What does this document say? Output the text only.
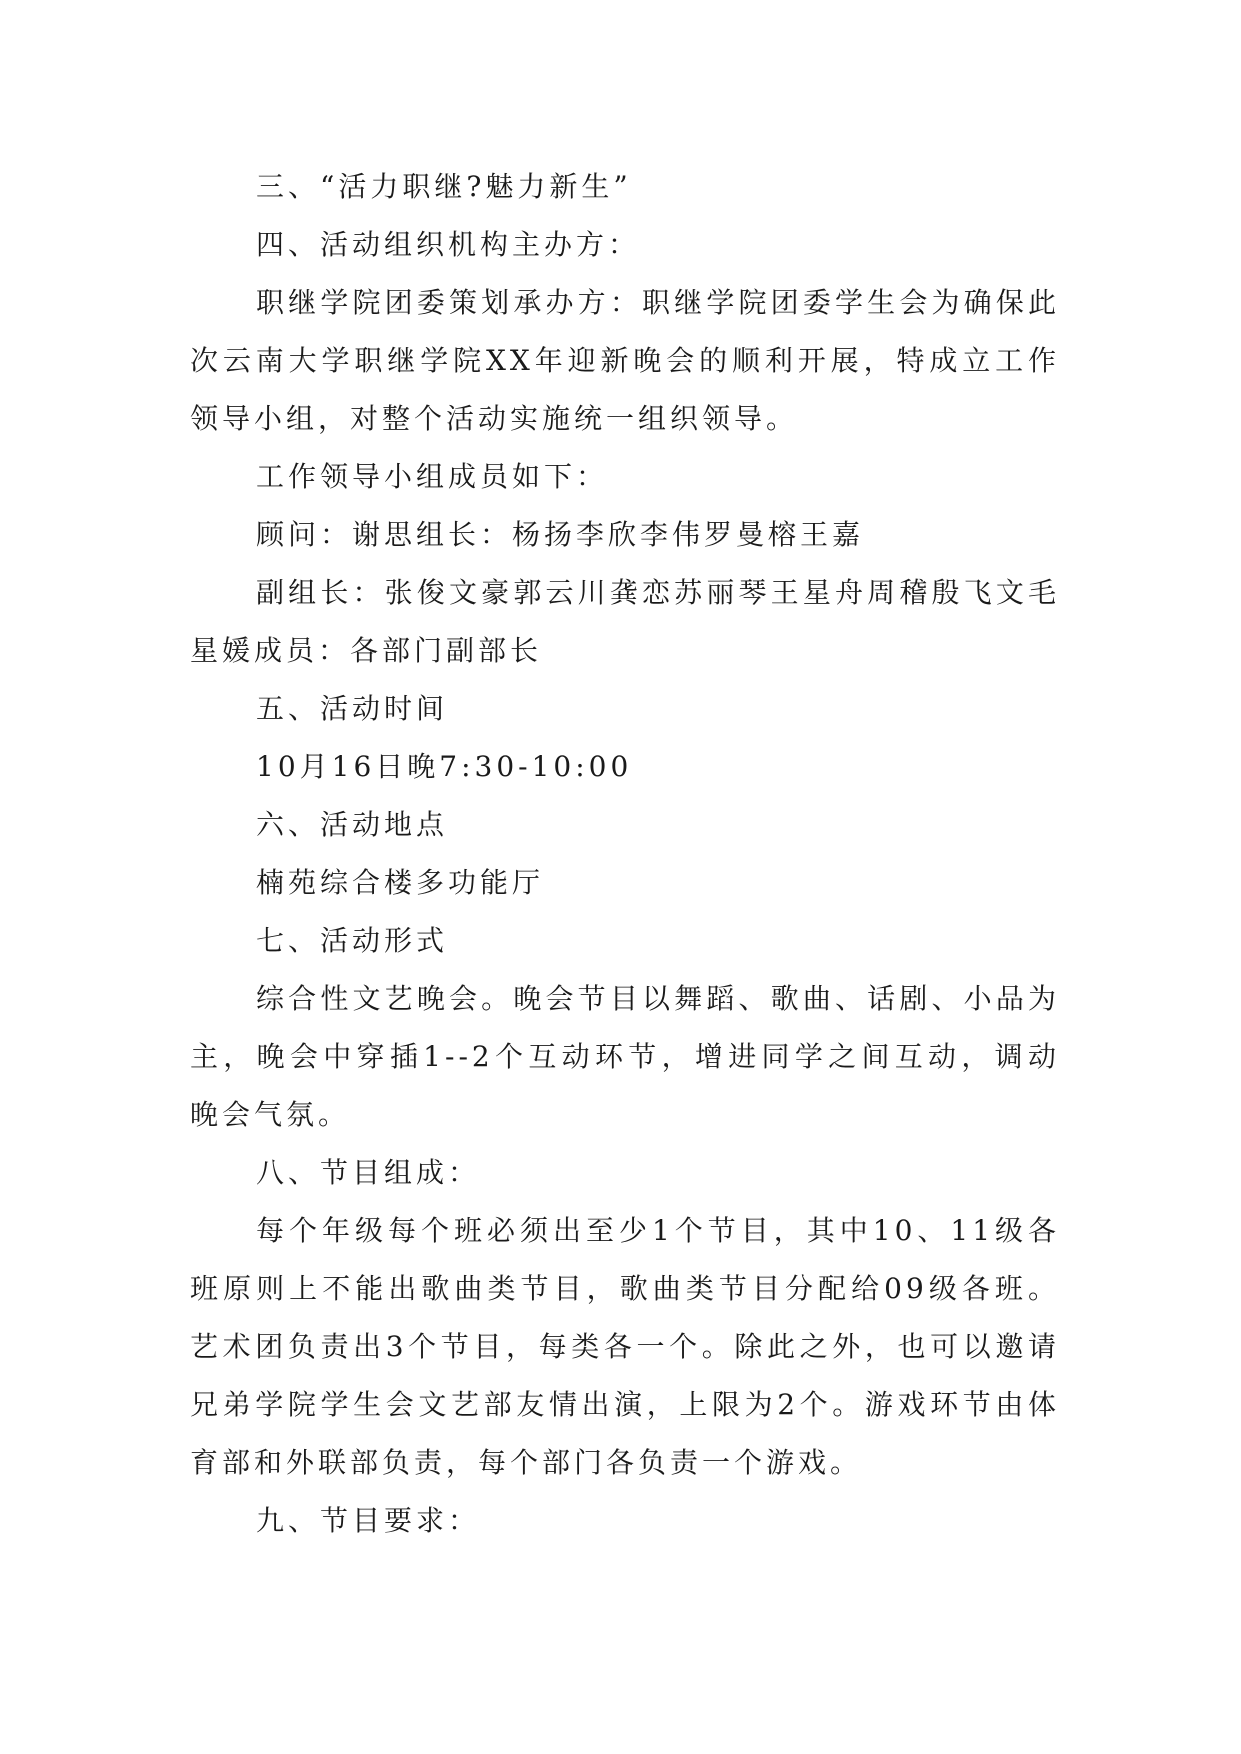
三、“活力职继?魅力新生”

四、活动组织机构主办方：

职继学院团委策划承办方：职继学院团委学生会为确保此次云南大学职继学院XX年迎新晚会的顺利开展，特成立工作领导小组，对整个活动实施统一组织领导。

工作领导小组成员如下：

顾问：谢思组长：杨扬李欣李伟罗曼榕王嘉

副组长：张俊文豪郭云川龚恋苏丽琴王星舟周稽殷飞文毛星媛成员：各部门副部长

五、活动时间

10月16日晚7:30-10:00

六、活动地点

楠苑综合楼多功能厅

七、活动形式

综合性文艺晚会。晚会节目以舞蹈、歌曲、话剧、小品为主，晚会中穿插1--2个互动环节，增进同学之间互动，调动晚会气氛。

八、节目组成：

每个年级每个班必须出至少1个节目，其中10、11级各班原则上不能出歌曲类节目，歌曲类节目分配给09级各班。艺术团负责出3个节目，每类各一个。除此之外，也可以邀请兄弟学院学生会文艺部友情出演，上限为2个。游戏环节由体育部和外联部负责，每个部门各负责一个游戏。

九、节目要求：
